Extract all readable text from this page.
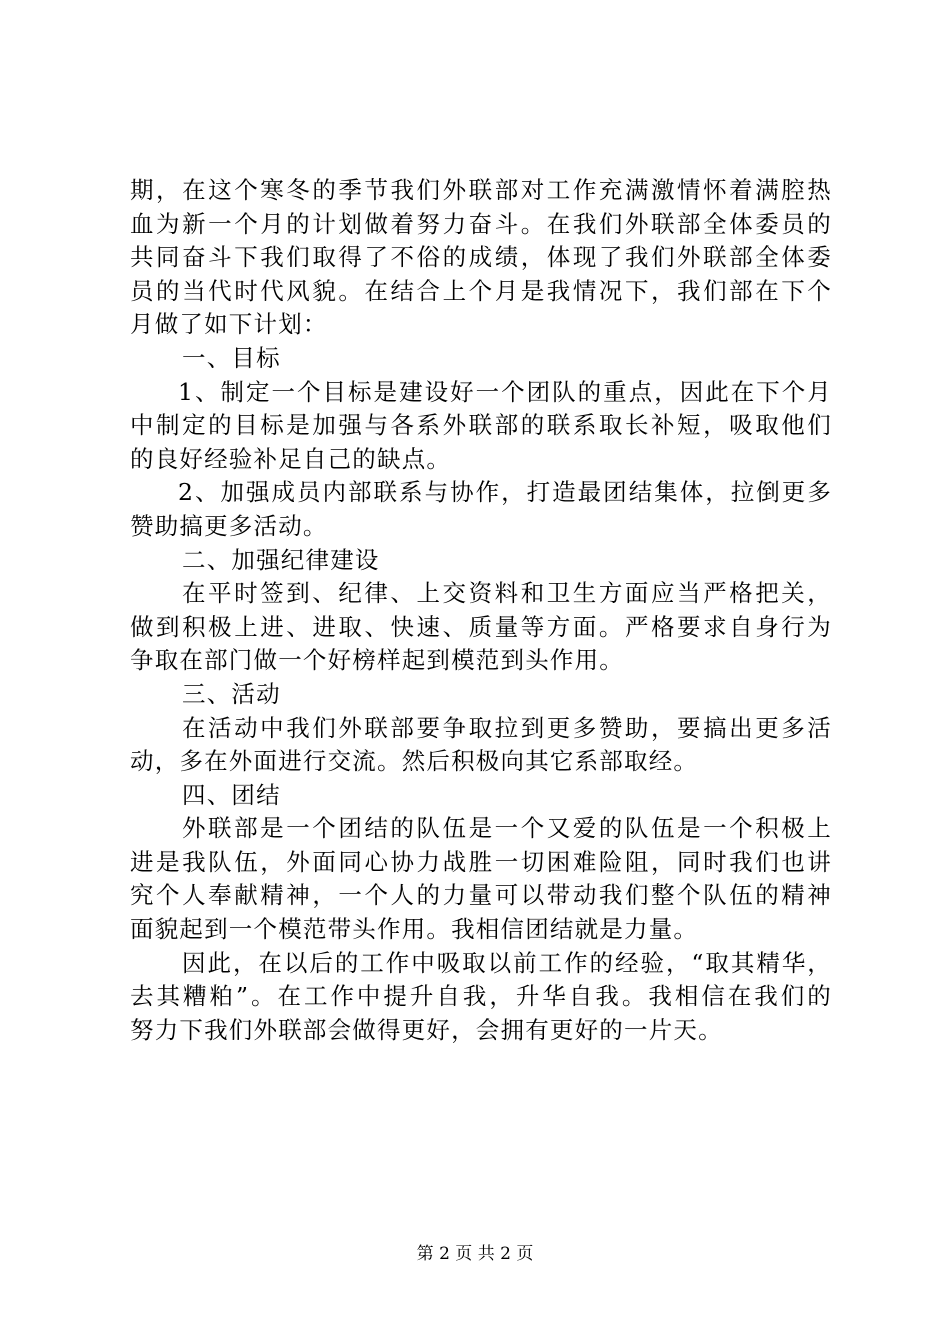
期，在这个寒冬的季节我们外联部对工作充满激情怀着满腔热
血为新一个月的计划做着努力奋斗。在我们外联部全体委员的
共同奋斗下我们取得了不俗的成绩，体现了我们外联部全体委
员的当代时代风貌。在结合上个月是我情况下，我们部在下个
月做了如下计划：
一、目标
1、制定一个目标是建设好一个团队的重点，因此在下个月
中制定的目标是加强与各系外联部的联系取长补短，吸取他们
的良好经验补足自己的缺点。
2、加强成员内部联系与协作，打造最团结集体，拉倒更多
赞助搞更多活动。
二、加强纪律建设
在平时签到、纪律、上交资料和卫生方面应当严格把关，
做到积极上进、进取、快速、质量等方面。严格要求自身行为
争取在部门做一个好榜样起到模范到头作用。
三、活动
在活动中我们外联部要争取拉到更多赞助，要搞出更多活
动，多在外面进行交流。然后积极向其它系部取经。
四、团结
外联部是一个团结的队伍是一个又爱的队伍是一个积极上
进是我队伍，外面同心协力战胜一切困难险阻，同时我们也讲
究个人奉献精神，一个人的力量可以带动我们整个队伍的精神
面貌起到一个模范带头作用。我相信团结就是力量。
因此，在以后的工作中吸取以前工作的经验，“取其精华，
去其糟粕”。在工作中提升自我，升华自我。我相信在我们的
努力下我们外联部会做得更好，会拥有更好的一片天。
第 2 页 共 2 页
